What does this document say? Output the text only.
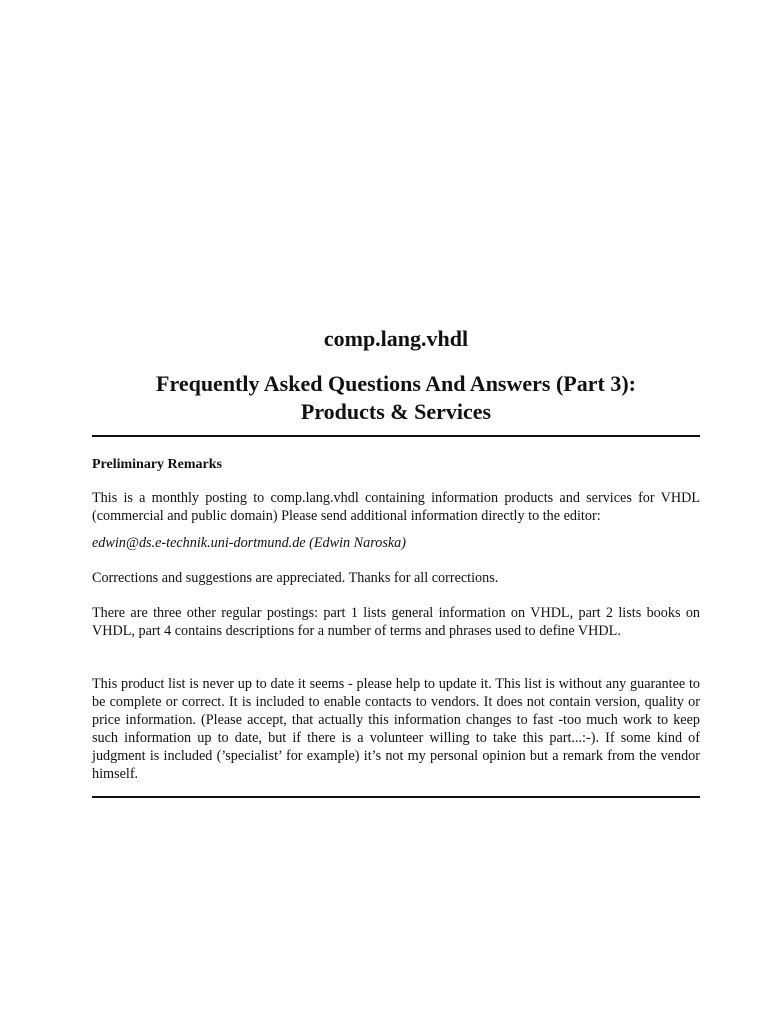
comp.lang.vhdl
Frequently Asked Questions And Answers (Part 3):
Products & Services
Preliminary Remarks

This is a monthly posting to comp.lang.vhdl containing information products and services for VHDL (commercial and public domain) Please send additional information directly to the editor:

edwin@ds.e-technik.uni-dortmund.de (Edwin Naroska)

Corrections and suggestions are appreciated. Thanks for all corrections.

There are three other regular postings: part 1 lists general information on VHDL, part 2 lists books on VHDL, part 4 contains descriptions for a number of terms and phrases used to define VHDL.

This product list is never up to date it seems - please help to update it. This list is without any guarantee to be complete or correct. It is included to enable contacts to vendors. It does not contain version, quality or price information. (Please accept, that actually this information changes to fast -too much work to keep such information up to date, but if there is a volunteer willing to take this part...:-). If some kind of judgment is included (’specialist’ for example) it’s not my personal opinion but a remark from the vendor himself.
